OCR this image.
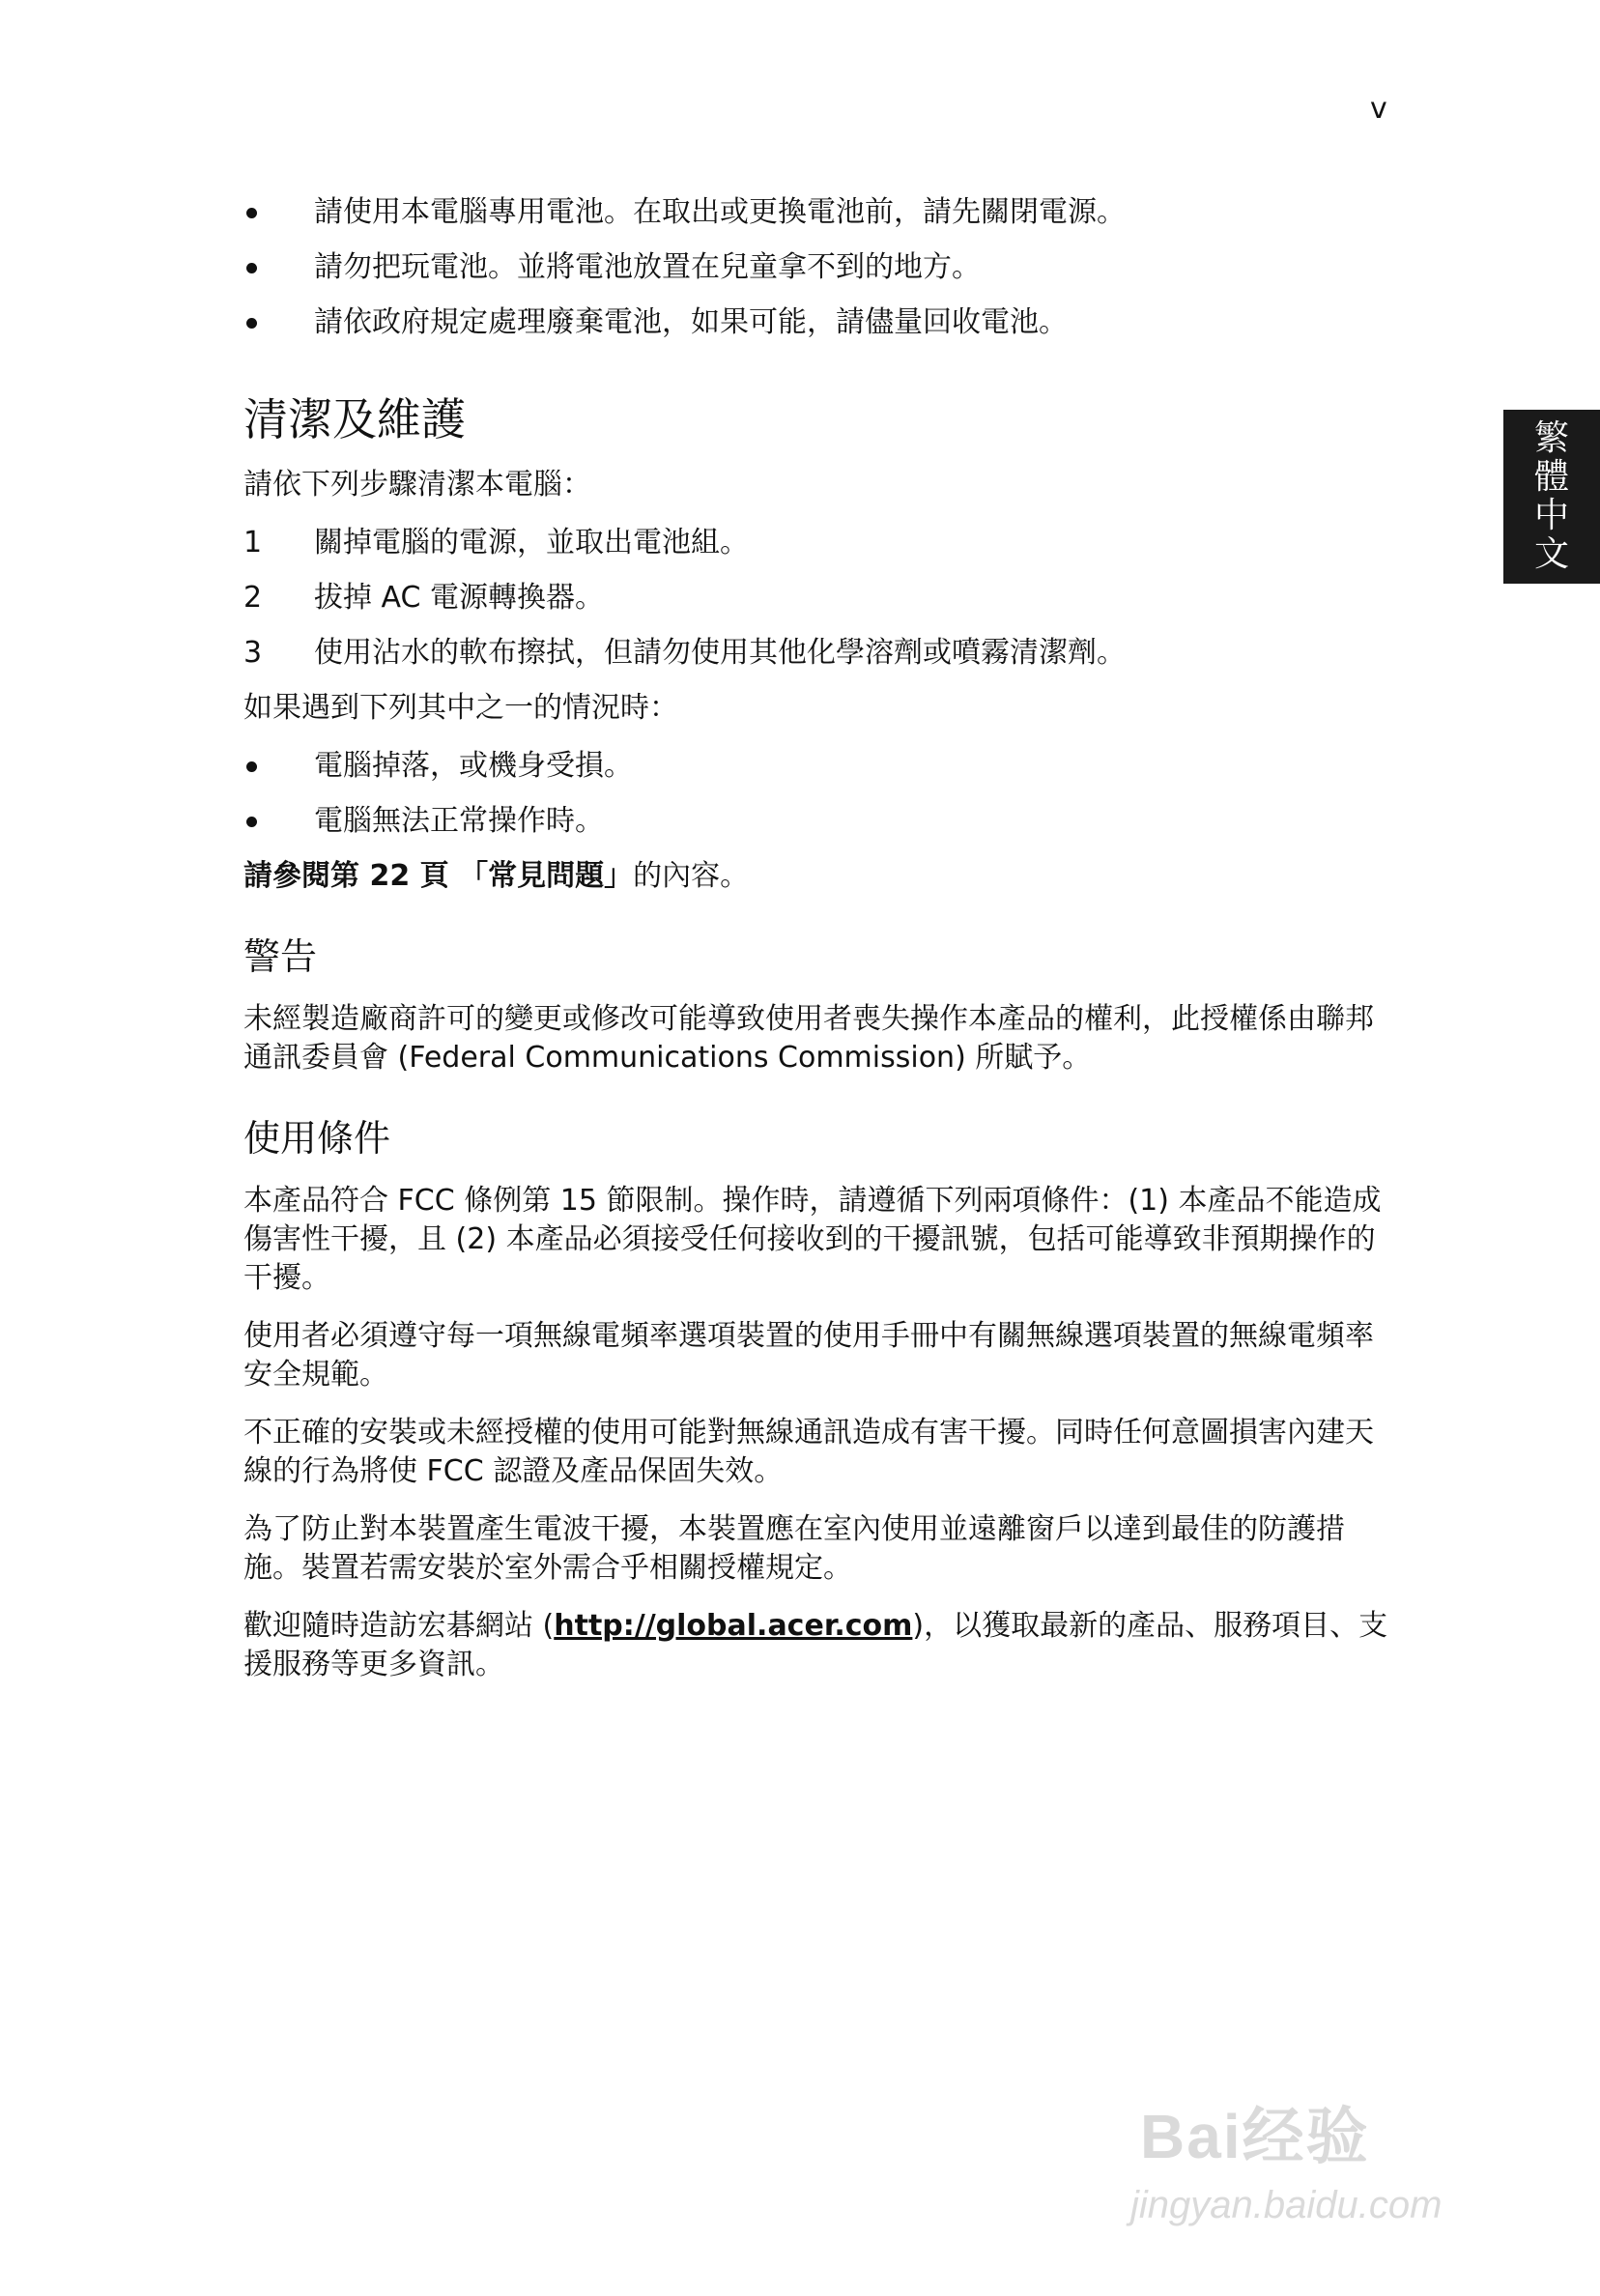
v
繁
體
中
文
請使用本電腦專用電池。在取出或更換電池前，請先關閉電源。
請勿把玩電池。並將電池放置在兒童拿不到的地方。
請依政府規定處理廢棄電池，如果可能，請儘量回收電池。
清潔及維護
請依下列步驟清潔本電腦：
1 關掉電腦的電源，並取出電池組。
2 拔掉 AC 電源轉換器。
3 使用沾水的軟布擦拭，但請勿使用其他化學溶劑或噴霧清潔劑。
如果遇到下列其中之一的情況時：
電腦掉落，或機身受損。
電腦無法正常操作時。
請參閱第 22 頁 「常見問題」的內容。
警告
未經製造廠商許可的變更或修改可能導致使用者喪失操作本產品的權利，此授權係由聯邦通訊委員會 (Federal Communications Commission) 所賦予。
使用條件
本產品符合 FCC 條例第 15 節限制。操作時，請遵循下列兩項條件：(1) 本產品不能造成傷害性干擾，且 (2) 本產品必須接受任何接收到的干擾訊號，包括可能導致非預期操作的干擾。
使用者必須遵守每一項無線電頻率選項裝置的使用手冊中有關無線選項裝置的無線電頻率安全規範。
不正確的安裝或未經授權的使用可能對無線通訊造成有害干擾。同時任何意圖損害內建天線的行為將使 FCC 認證及產品保固失效。
為了防止對本裝置產生電波干擾，本裝置應在室內使用並遠離窗戶以達到最佳的防護措施。裝置若需安裝於室外需合乎相關授權規定。
歡迎隨時造訪宏碁網站 (http://global.acer.com)，以獲取最新的產品、服務項目、支援服務等更多資訊。
Bai经验
jingyan.baidu.com
